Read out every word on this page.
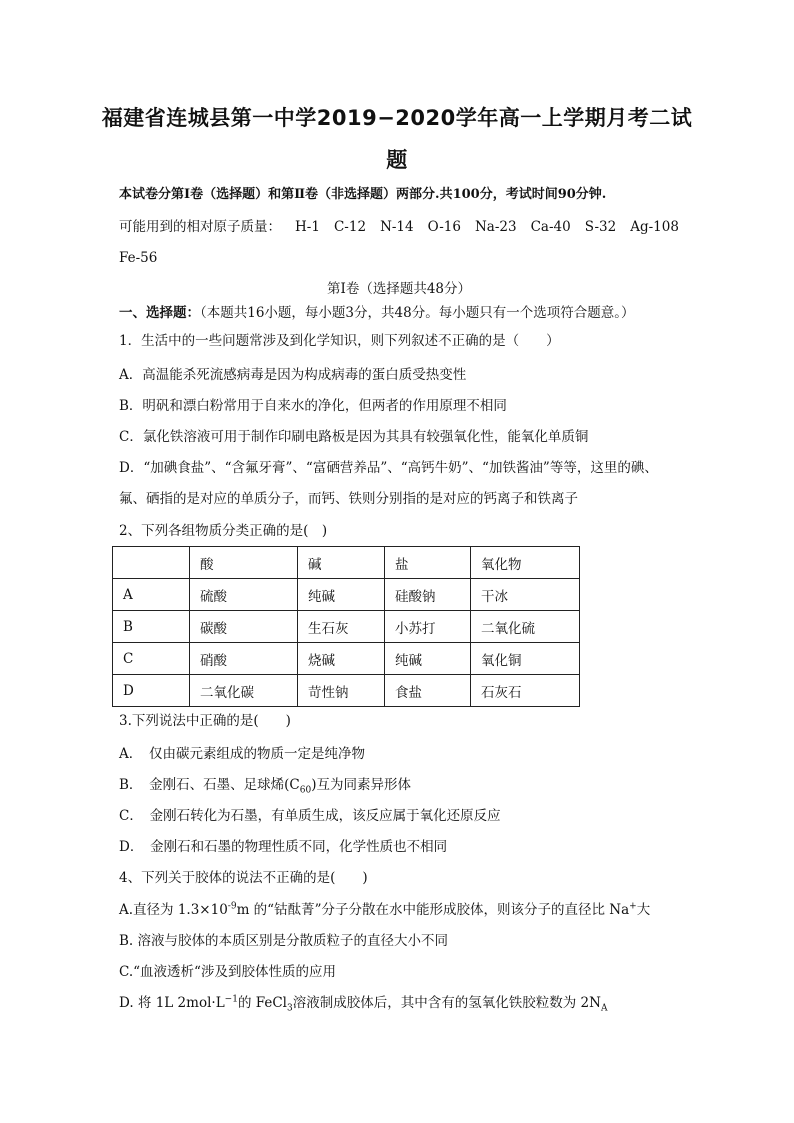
福建省连城县第一中学2019−2020学年高一上学期月考二试
题
本试卷分第Ⅰ卷（选择题）和第Ⅱ卷（非选择题）两部分.共100分，考试时间90分钟.
可能用到的相对原子质量： H-1 C-12 N-14 O-16 Na-23 Ca-40 S-32 Ag-108
Fe-56
第Ⅰ卷（选择题共48分）
一、选择题：（本题共16小题，每小题3分，共48分。每小题只有一个选项符合题意。）
1．生活中的一些问题常涉及到化学知识，则下列叙述不正确的是（　　）
A．高温能杀死流感病毒是因为构成病毒的蛋白质受热变性
B．明矾和漂白粉常用于自来水的净化，但两者的作用原理不相同
C．氯化铁溶液可用于制作印刷电路板是因为其具有较强氧化性，能氧化单质铜
D．“加碘食盐”、“含氟牙膏”、“富硒营养品”、“高钙牛奶”、“加铁酱油”等等，这里的碘、
氟、硒指的是对应的单质分子，而钙、铁则分别指的是对应的钙离子和铁离子
2、下列各组物质分类正确的是(　)
	酸	碱	盐	氧化物
A	硫酸	纯碱	硅酸钠	干冰
B	碳酸	生石灰	小苏打	二氧化硫
C	硝酸	烧碱	纯碱	氧化铜
D	二氧化碳	苛性钠	食盐	石灰石
3.下列说法中正确的是(　　)
A．　仅由碳元素组成的物质一定是纯净物
B．　金刚石、石墨、足球烯$(C_{60})$互为同素异形体
C．　金刚石转化为石墨，有单质生成，该反应属于氧化还原反应
D．　金刚石和石墨的物理性质不同，化学性质也不相同
4、下列关于胶体的说法不正确的是(　　)
A.直径为 $1.3\times 10^{-9}m$ 的“钴酞菁”分子分散在水中能形成胶体，则该分子的直径比 Na+大
B. 溶液与胶体的本质区别是分散质粒子的直径大小不同
C.“血液透析“涉及到胶体性质的应用
D. 将 1L $2mol\cdot L^{-1}$的 FeCl$_3$溶液制成胶体后，其中含有的氢氧化铁胶粒数为 $2N_A$
